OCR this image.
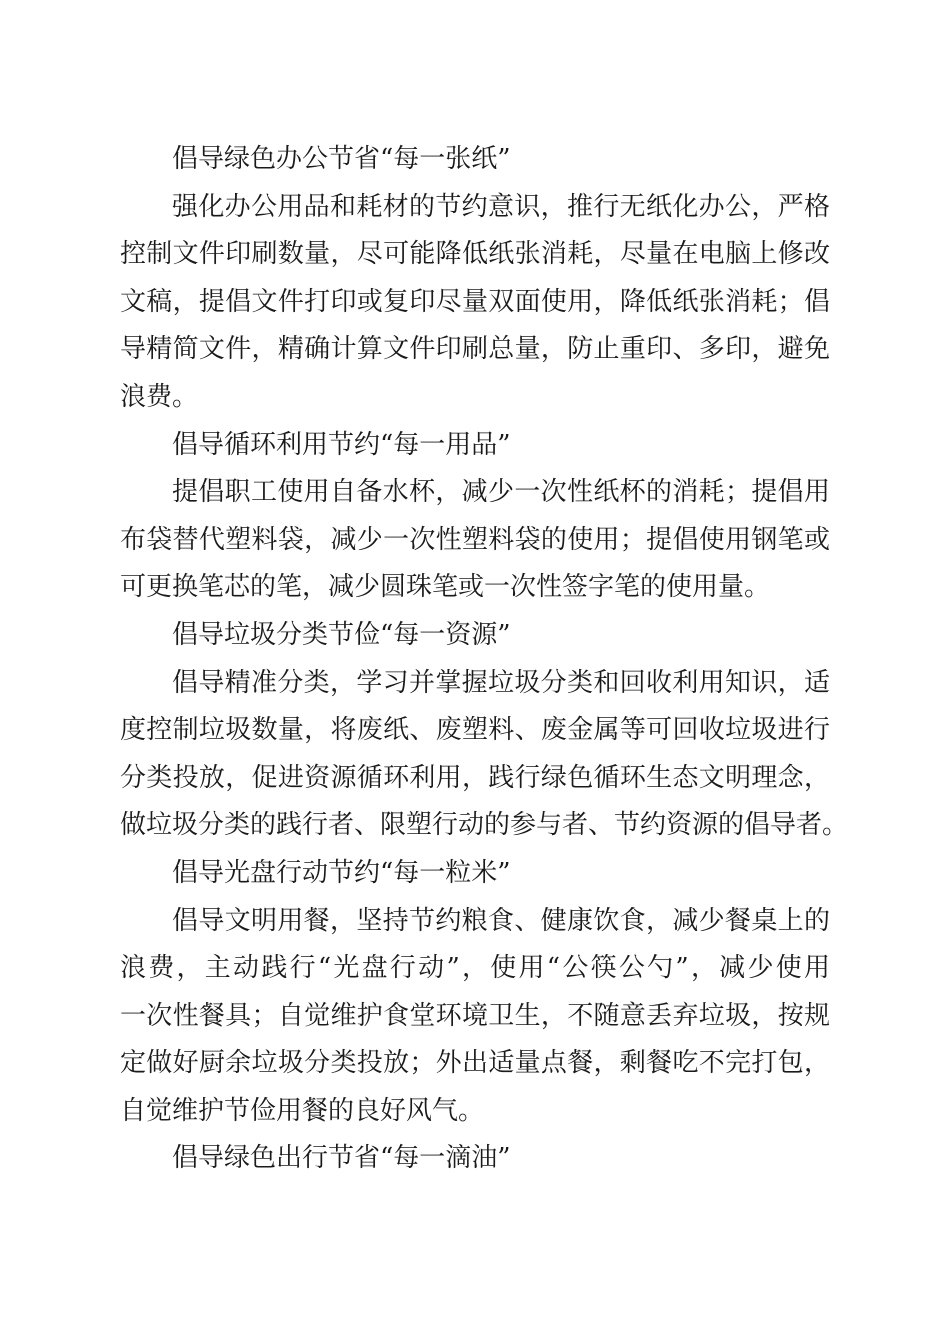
倡导绿色办公节省“每一张纸”
强化办公用品和耗材的节约意识，推行无纸化办公，严格
控制文件印刷数量，尽可能降低纸张消耗，尽量在电脑上修改
文稿，提倡文件打印或复印尽量双面使用，降低纸张消耗；倡
导精简文件，精确计算文件印刷总量，防止重印、多印，避免
浪费。
倡导循环利用节约“每一用品”
提倡职工使用自备水杯，减少一次性纸杯的消耗；提倡用
布袋替代塑料袋，减少一次性塑料袋的使用；提倡使用钢笔或
可更换笔芯的笔，减少圆珠笔或一次性签字笔的使用量。
倡导垃圾分类节俭“每一资源”
倡导精准分类，学习并掌握垃圾分类和回收利用知识，适
度控制垃圾数量，将废纸、废塑料、废金属等可回收垃圾进行
分类投放，促进资源循环利用，践行绿色循环生态文明理念，
做垃圾分类的践行者、限塑行动的参与者、节约资源的倡导者。
倡导光盘行动节约“每一粒米”
倡导文明用餐，坚持节约粮食、健康饮食，减少餐桌上的
浪费，主动践行“光盘行动”，使用“公筷公勺”，减少使用
一次性餐具；自觉维护食堂环境卫生，不随意丢弃垃圾，按规
定做好厨余垃圾分类投放；外出适量点餐，剩餐吃不完打包，
自觉维护节俭用餐的良好风气。
倡导绿色出行节省“每一滴油”
